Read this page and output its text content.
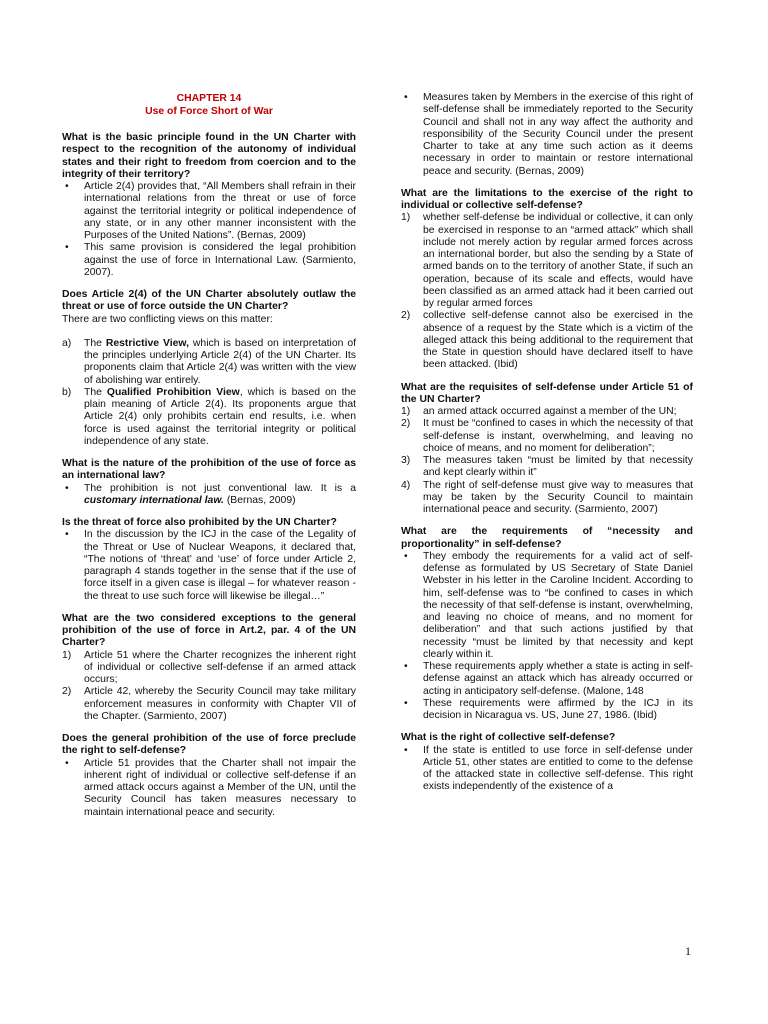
CHAPTER 14
Use of Force Short of War
What is the basic principle found in the UN Charter with respect to the recognition of the autonomy of individual states and their right to freedom from coercion and to the integrity of their territory?
•	Article 2(4) provides that, “All Members shall refrain in their international relations from the threat or use of force against the territorial integrity or political independence of any state, or in any other manner inconsistent with the Purposes of the United Nations”. (Bernas, 2009)
•	This same provision is considered the legal prohibition against the use of force in International Law. (Sarmiento, 2007).
Does Article 2(4) of the UN Charter absolutely outlaw the threat or use of force outside the UN Charter?

There are two conflicting views on this matter:

a)	The Restrictive View, which is based on interpretation of the principles underlying Article 2(4) of the UN Charter. Its proponents claim that Article 2(4) was written with the view of abolishing war entirely.
b)	The Qualified Prohibition View, which is based on the plain meaning of Article 2(4). Its proponents argue that Article 2(4) only prohibits certain end results, i.e. when force is used against the territorial integrity or political independence of any state.
What is the nature of the prohibition of the use of force as an international law?
•	The prohibition is not just conventional law. It is a customary international law. (Bernas, 2009)
Is the threat of force also prohibited by the UN Charter?
•	In the discussion by the ICJ in the case of the Legality of the Threat or Use of Nuclear Weapons, it declared that, “The notions of ‘threat’ and ‘use’ of force under Article 2, paragraph 4 stands together in the sense that if the use of force itself in a given case is illegal – for whatever reason - the threat to use such force will likewise be illegal…”
What are the two considered exceptions to the general prohibition of the use of force in Art.2, par. 4 of the UN Charter?
1)	Article 51 where the Charter recognizes the inherent right of individual or collective self-defense if an armed attack occurs;
2)	Article 42, whereby the Security Council may take military enforcement measures in conformity with Chapter VII of the Chapter. (Sarmiento, 2007)
Does the general prohibition of the use of force preclude the right to self-defense?
•	Article 51 provides that the Charter shall not impair the inherent right of individual or collective self-defense if an armed attack occurs against a Member of the UN, until the Security Council has taken measures necessary to maintain international peace and security.
•	Measures taken by Members in the exercise of this right of self-defense shall be immediately reported to the Security Council and shall not in any way affect the authority and responsibility of the Security Council under the present Charter to take at any time such action as it deems necessary in order to maintain or restore international peace and security. (Bernas, 2009)
What are the limitations to the exercise of the right to individual or collective self-defense?
1)	whether self-defense be individual or collective, it can only be exercised in response to an “armed attack” which shall include not merely action by regular armed forces across an international border, but also the sending by a State of armed bands on to the territory of another State, if such an operation, because of its scale and effects, would have been classified as an armed attack had it been carried out by regular armed forces
2)	collective self-defense cannot also be exercised in the absence of a request by the State which is a victim of the alleged attack this being additional to the requirement that the State in question should have declared itself to have been attacked. (Ibid)
What are the requisites of self-defense under Article 51 of the UN Charter?
1)	an armed attack occurred against a member of the UN;
2)	It must be “confined to cases in which the necessity of that self-defense is instant, overwhelming, and leaving no choice of means, and no moment for deliberation”;
3)	The measures taken “must be limited by that necessity and kept clearly within it”
4)	The right of self-defense must give way to measures that may be taken by the Security Council to maintain international peace and security. (Sarmiento, 2007)
What are the requirements of “necessity and proportionality” in self-defense?
•	They embody the requirements for a valid act of self-defense as formulated by US Secretary of State Daniel Webster in his letter in the Caroline Incident. According to him, self-defense was to “be confined to cases in which the necessity of that self-defense is instant, overwhelming, and leaving no choice of means, and no moment for deliberation” and that such actions justified by that necessity “must be limited by that necessity and kept clearly within it.
•	These requirements apply whether a state is acting in self-defense against an attack which has already occurred or acting in anticipatory self-defense. (Malone, 148
•	These requirements were affirmed by the ICJ in its decision in Nicaragua vs. US, June 27, 1986. (Ibid)
What is the right of collective self-defense?
•	If the state is entitled to use force in self-defense under Article 51, other states are entitled to come to the defense of the attacked state in collective self-defense. This right exists independently of the existence of a
1
